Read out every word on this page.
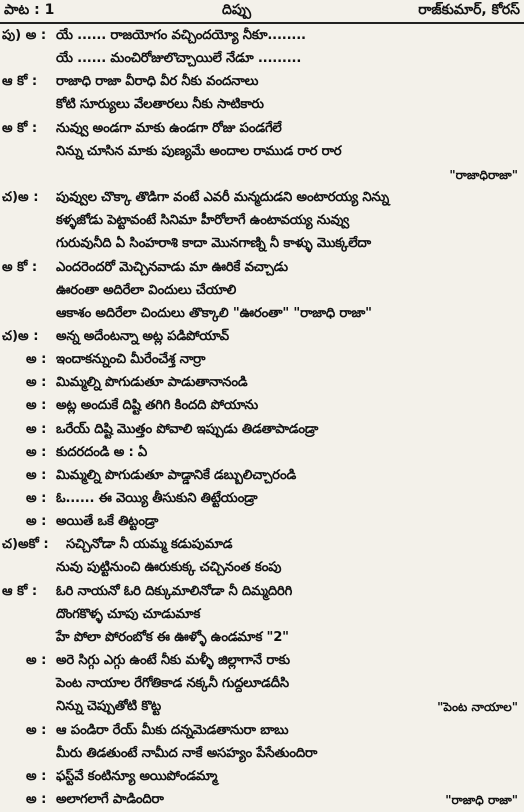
పాట : 1	దిప్పు	రాజ్‌కుమార్, కోరస్
పు) అ : యే ...... రాజయోగం వచ్చిందయ్యో నీకూ........
యే ...... మంచిరోజులొచ్చాయిలే నేడూ .........
ఆ కో : రాజాధి రాజా వీరాధి వీర నీకు వందనాలు
కోటి సూర్యులు వేలతారలు నీకు సాటికారు
అ కో : నువ్వు అండగా మాకు ఉండగా రోజు పండగేలే
నిన్ను చూసిన మాకు పుణ్యమే అందాల రాముడ రార రార
"రాజాధిరాజా"
చ)అ : పువ్వుల చొక్కా తొడిగా వంటే ఎవరీ మన్మదుడని అంటారయ్య నిన్ను
కళ్ళజోడు పెట్టావంటే సినిమా హీరోలాగే ఉంటావయ్య నువ్వు
గురువునీది ఏ సింహరాశి కాదా మొనగాణ్ని నీ కాళ్ళు మొక్కలేదా
అ కో : ఎందరెందరో మెచ్చినవాడు మా ఊరికే వచ్చాడు
ఊరంతా అదిరేలా విందులు చేయాలి
ఆకాశం అదిరేలా చిందులు తొక్కాలి "ఊరంతా" "రాజాధి రాజా"
చ)అ : అన్న అదేంటన్నా అట్ల పడిపోయావ్
అ : ఇందాకన్నుంచి మీరేంచేశ్త నార్రా
అ : మిమ్మల్ని పొగుడుతూ పాడుతానానండి
అ : అట్ల అందుకే దిష్టి తగిగి కిందది పోయాను
అ : ఒరేయ్ దిష్టి మొత్తం పోవాలి ఇప్పుడు తిడతాపాడండ్రా
అ : కుదరదండి అ : ఏ
అ : మిమ్మల్ని పొగుడుతూ పాడ్డానికే డబ్బులిచ్చారండి
అ : ఓ...... ఈ వెయ్యి తీసుకుని తిట్టేయండ్రా
అ : అయితే ఒకే తిట్టండ్రా
చ)అకో : సచ్చినోడా నీ యమ్మ కడుపుమాడ
నువు పుట్టినుంచి ఊరుకుక్క చచ్చినంత కంపు
ఆ కో : ఓరి నాయనో ఓరి దిక్కుమాలినోడా నీ దిమ్మదిరిగి
దొంగకొళ్ళ చూపు చూడుమాక
హే పోలా పోరంబోక ఈ ఊళ్ళో ఉండమాక "2"
అ : అరె సిగ్గు ఎగ్గు ఉంటే నీకు మళ్ళీ జిల్లాగానే రాకు
పెంట నాయాల రేగోతికాడ నక్కనీ గుద్దలూడదీసి
నిన్ను చెప్పుతోటి కొట్ట	"పెంట నాయాల"
అ : ఆ పండిరా రేయ్ మీకు దన్నమెడతానురా బాబు
మీరు తిడతుంటే నామీద నాకే అసహ్యం పేసేతుందిరా
అ : ఫస్ట్‌వే కంటిన్యూ అయిపోండమ్మా
అ : అలాగలాగే పాడిందిరా	"రాజాధి రాజా"
